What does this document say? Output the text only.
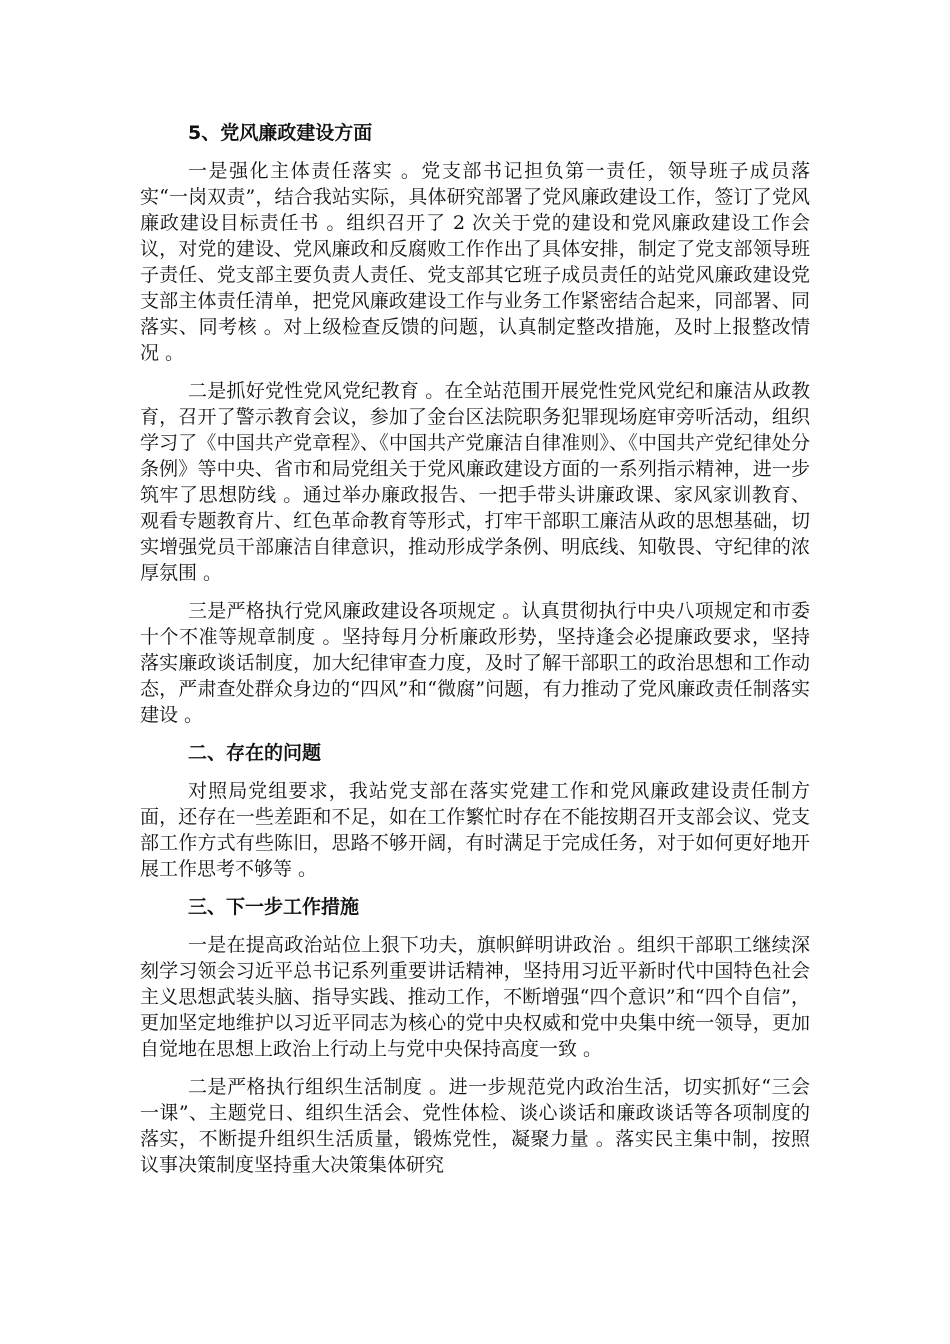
5、党风廉政建设方面

一是强化主体责任落实 。党支部书记担负第一责任，领导班子成员落实“一岗双责”，结合我站实际，具体研究部署了党风廉政建设工作，签订了党风廉政建设目标责任书 。组织召开了 2 次关于党的建设和党风廉政建设工作会议，对党的建设、党风廉政和反腐败工作作出了具体安排，制定了党支部领导班子责任、党支部主要负责人责任、党支部其它班子成员责任的站党风廉政建设党支部主体责任清单，把党风廉政建设工作与业务工作紧密结合起来，同部署、同落实、同考核 。对上级检查反馈的问题，认真制定整改措施，及时上报整改情况 。

二是抓好党性党风党纪教育 。在全站范围开展党性党风党纪和廉洁从政教育，召开了警示教育会议，参加了金台区法院职务犯罪现场庭审旁听活动，组织学习了《中国共产党章程》、《中国共产党廉洁自律准则》、《中国共产党纪律处分条例》等中央、省市和局党组关于党风廉政建设方面的一系列指示精神，进一步筑牢了思想防线 。通过举办廉政报告、一把手带头讲廉政课、家风家训教育、观看专题教育片、红色革命教育等形式，打牢干部职工廉洁从政的思想基础，切实增强党员干部廉洁自律意识，推动形成学条例、明底线、知敬畏、守纪律的浓厚氛围 。

三是严格执行党风廉政建设各项规定 。认真贯彻执行中央八项规定和市委十个不准等规章制度 。坚持每月分析廉政形势，坚持逢会必提廉政要求，坚持落实廉政谈话制度，加大纪律审查力度，及时了解干部职工的政治思想和工作动态，严肃查处群众身边的“四风”和“微腐”问题，有力推动了党风廉政责任制落实建设 。

二、存在的问题

对照局党组要求，我站党支部在落实党建工作和党风廉政建设责任制方面，还存在一些差距和不足，如在工作繁忙时存在不能按期召开支部会议、党支部工作方式有些陈旧，思路不够开阔，有时满足于完成任务，对于如何更好地开展工作思考不够等 。

三、下一步工作措施

一是在提高政治站位上狠下功夫，旗帜鲜明讲政治 。组织干部职工继续深刻学习领会习近平总书记系列重要讲话精神，坚持用习近平新时代中国特色社会主义思想武装头脑、指导实践、推动工作，不断增强“四个意识”和“四个自信”，更加坚定地维护以习近平同志为核心的党中央权威和党中央集中统一领导，更加自觉地在思想上政治上行动上与党中央保持高度一致 。

二是严格执行组织生活制度 。进一步规范党内政治生活，切实抓好“三会一课”、主题党日、组织生活会、党性体检、谈心谈话和廉政谈话等各项制度的落实，不断提升组织生活质量，锻炼党性，凝聚力量 。落实民主集中制，按照议事决策制度坚持重大决策集体研究
